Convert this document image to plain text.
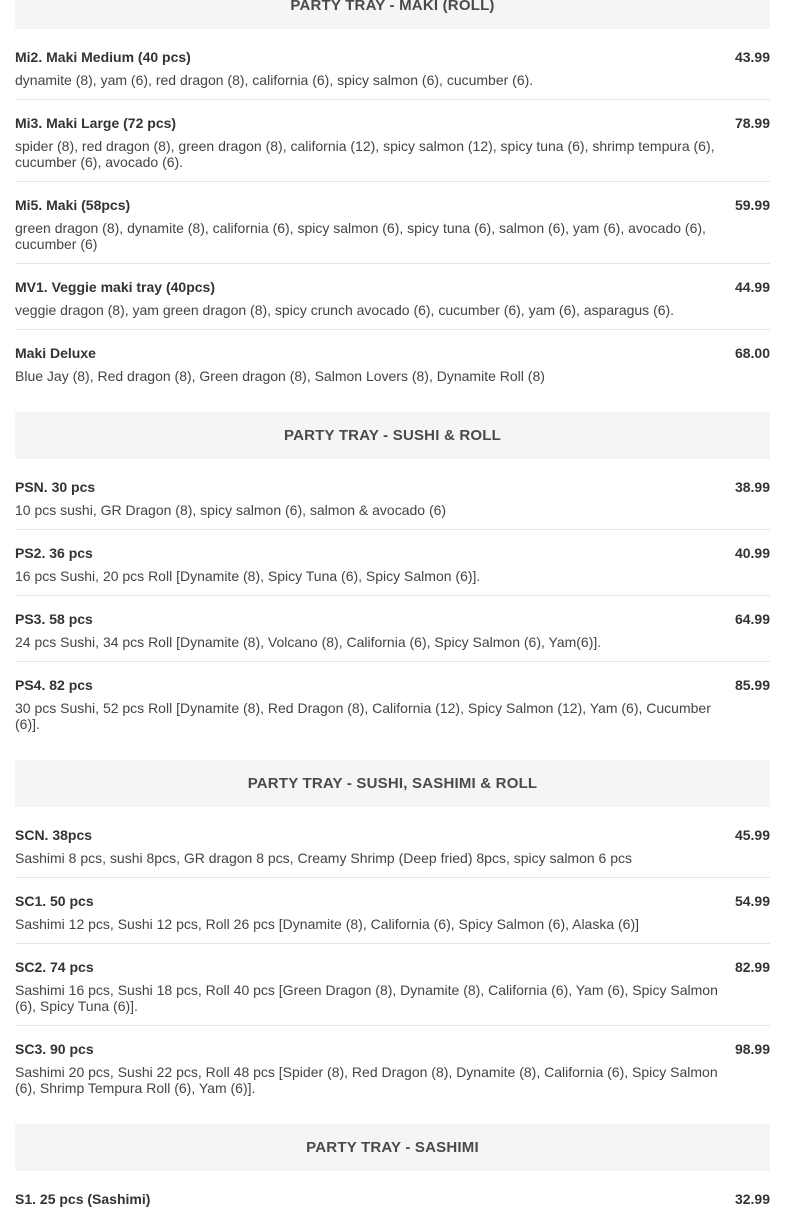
PARTY TRAY - MAKI (ROLL)
Mi2. Maki Medium (40 pcs)	43.99
dynamite (8), yam (6), red dragon (8), california (6), spicy salmon (6), cucumber (6).
Mi3. Maki Large (72 pcs)	78.99
spider (8), red dragon (8), green dragon (8), california (12), spicy salmon (12), spicy tuna (6), shrimp tempura (6), cucumber (6), avocado (6).
Mi5. Maki (58pcs)	59.99
green dragon (8), dynamite (8), california (6), spicy salmon (6), spicy tuna (6), salmon (6), yam (6), avocado (6), cucumber (6)
MV1. Veggie maki tray (40pcs)	44.99
veggie dragon (8), yam green dragon (8), spicy crunch avocado (6), cucumber (6), yam (6), asparagus (6).
Maki Deluxe	68.00
Blue Jay (8), Red dragon (8), Green dragon (8), Salmon Lovers (8), Dynamite Roll (8)
PARTY TRAY - SUSHI & ROLL
PSN. 30 pcs	38.99
10 pcs sushi, GR Dragon (8), spicy salmon (6), salmon & avocado (6)
PS2. 36 pcs	40.99
16 pcs Sushi, 20 pcs Roll [Dynamite (8), Spicy Tuna (6), Spicy Salmon (6)].
PS3. 58 pcs	64.99
24 pcs Sushi, 34 pcs Roll [Dynamite (8), Volcano (8), California (6), Spicy Salmon (6), Yam(6)].
PS4. 82 pcs	85.99
30 pcs Sushi, 52 pcs Roll [Dynamite (8), Red Dragon (8), California (12), Spicy Salmon (12), Yam (6), Cucumber (6)].
PARTY TRAY - SUSHI, SASHIMI & ROLL
SCN. 38pcs	45.99
Sashimi 8 pcs, sushi 8pcs, GR dragon 8 pcs, Creamy Shrimp (Deep fried) 8pcs, spicy salmon 6 pcs
SC1. 50 pcs	54.99
Sashimi 12 pcs, Sushi 12 pcs, Roll 26 pcs [Dynamite (8), California (6), Spicy Salmon (6), Alaska (6)]
SC2. 74 pcs	82.99
Sashimi 16 pcs, Sushi 18 pcs, Roll 40 pcs [Green Dragon (8), Dynamite (8), California (6), Yam (6), Spicy Salmon (6), Spicy Tuna (6)].
SC3. 90 pcs	98.99
Sashimi 20 pcs, Sushi 22 pcs, Roll 48 pcs [Spider (8), Red Dragon (8), Dynamite (8), California (6), Spicy Salmon (6), Shrimp Tempura Roll (6), Yam (6)].
PARTY TRAY - SASHIMI
S1. 25 pcs (Sashimi)	32.99
